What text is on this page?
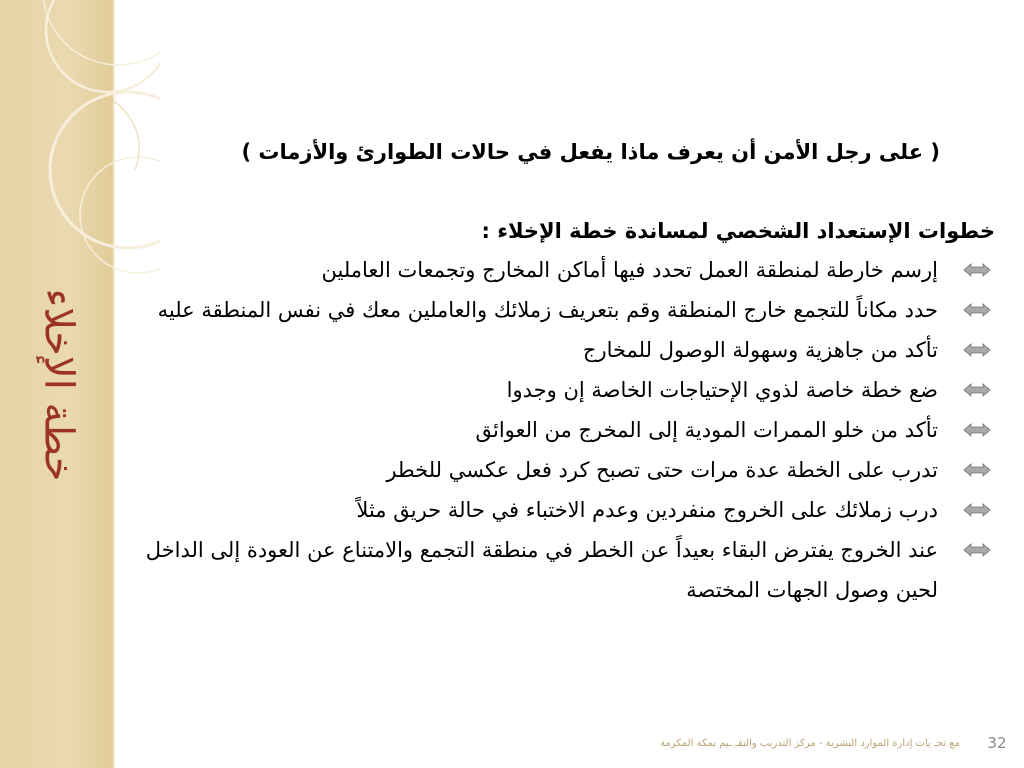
خطة الإخلاء
( على رجل الأمن أن يعرف ماذا يفعل في حالات الطوارئ والأزمات )
خطوات الإستعداد الشخصي لمساندة خطة الإخلاء :
إرسم خارطة لمنطقة العمل تحدد فيها أماكن المخارج وتجمعات العاملين
حدد مكاناً للتجمع خارج المنطقة وقم بتعريف زملائك والعاملين معك في نفس المنطقة عليه
تأكد من جاهزية وسهولة الوصول للمخارج
ضع خطة خاصة لذوي الإحتياجات الخاصة إن وجدوا
تأكد من خلو الممرات المودية إلى المخرج من العوائق
تدرب على الخطة عدة مرات حتى تصبح كرد فعل عكسي للخطر
درب زملائك على الخروج منفردين وعدم الاختباء في حالة حريق مثلاً
عند الخروج يفترض البقاء بعيداً عن الخطر في منطقة التجمع والامتناع عن العودة إلى الداخل لحين وصول الجهات المختصة
مع تحـ يات إدارة الموارد البشرية - مركز التدريب والتقـ ـيم بمكة المكرمة	32
